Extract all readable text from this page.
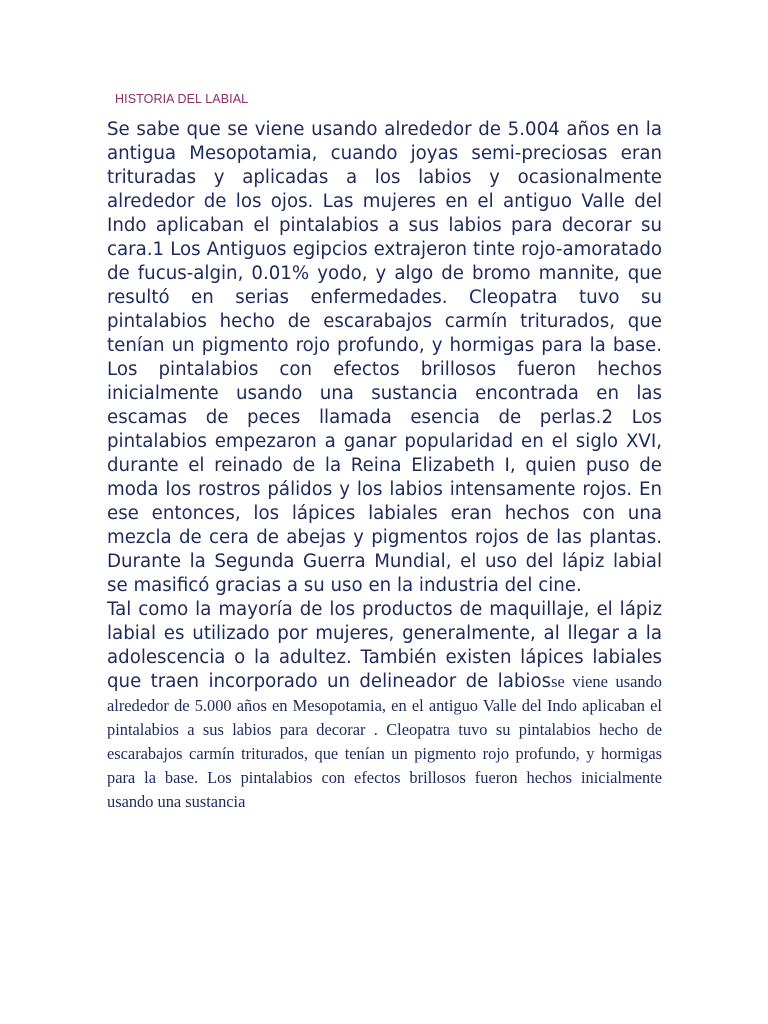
HISTORIA DEL LABIAL

Se sabe que se viene usando alrededor de 5.004 años en la antigua Mesopotamia, cuando joyas semi-preciosas eran trituradas y aplicadas a los labios y ocasionalmente alrededor de los ojos. Las mujeres en el antiguo Valle del Indo aplicaban el pintalabios a sus labios para decorar su cara.1 Los Antiguos egipcios extrajeron tinte rojo-amoratado de fucus-algin, 0.01% yodo, y algo de bromo mannite, que resultó en serias enfermedades. Cleopatra tuvo su pintalabios hecho de escarabajos carmín triturados, que tenían un pigmento rojo profundo, y hormigas para la base. Los pintalabios con efectos brillosos fueron hechos inicialmente usando una sustancia encontrada en las escamas de peces llamada esencia de perlas.2 Los pintalabios empezaron a ganar popularidad en el siglo XVI, durante el reinado de la Reina Elizabeth I, quien puso de moda los rostros pálidos y los labios intensamente rojos. En ese entonces, los lápices labiales eran hechos con una mezcla de cera de abejas y pigmentos rojos de las plantas. Durante la Segunda Guerra Mundial, el uso del lápiz labial se masificó gracias a su uso en la industria del cine.

Tal como la mayoría de los productos de maquillaje, el lápiz labial es utilizado por mujeres, generalmente, al llegar a la adolescencia o la adultez. También existen lápices labiales que traen incorporado un delineador de labiosse viene usando alrededor de 5.000 años en Mesopotamia, en el antiguo Valle del Indo aplicaban el pintalabios a sus labios para decorar . Cleopatra tuvo su pintalabios hecho de escarabajos carmín triturados, que tenían un pigmento rojo profundo, y hormigas para la base. Los pintalabios con efectos brillosos fueron hechos inicialmente usando una sustancia
